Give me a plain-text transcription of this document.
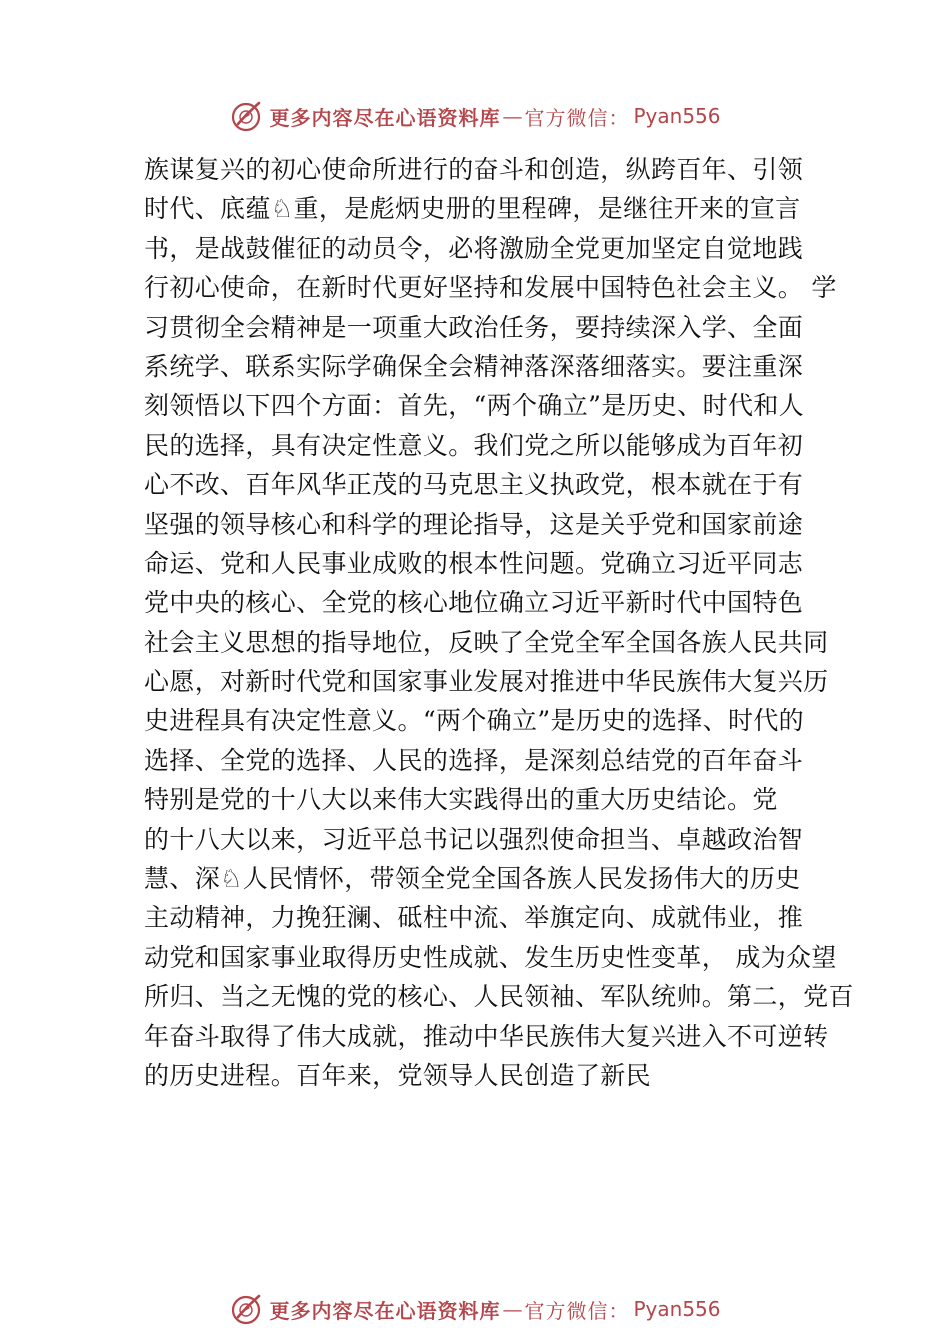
更多内容尽在心语资料库 — 官方微信： Pyan556
族谋复兴的初心使命所进行的奋斗和创造，纵跨百年、引领
时代、底蕴♘重，是彪炳史册的里程碑，是继往开来的宣言
书，是战鼓催征的动员令，必将激励全党更加坚定自觉地践
行初心使命，在新时代更好坚持和发展中国特色社会主义。 学
习贯彻全会精神是一项重大政治任务，要持续深入学、全面
系统学、联系实际学确保全会精神落深落细落实。要注重深
刻领悟以下四个方面：首先，“两个确立”是历史、时代和人
民的选择，具有决定性意义。我们党之所以能够成为百年初
心不改、百年风华正茂的马克思主义执政党，根本就在于有
坚强的领导核心和科学的理论指导，这是关乎党和国家前途
命运、党和人民事业成败的根本性问题。党确立习近平同志
党中央的核心、全党的核心地位确立习近平新时代中国特色
社会主义思想的指导地位，反映了全党全军全国各族人民共同
心愿，对新时代党和国家事业发展对推进中华民族伟大复兴历
史进程具有决定性意义。“两个确立”是历史的选择、时代的
选择、全党的选择、人民的选择，是深刻总结党的百年奋斗
特别是党的十八大以来伟大实践得出的重大历史结论。党
的十八大以来，习近平总书记以强烈使命担当、卓越政治智
慧、深♘人民情怀，带领全党全国各族人民发扬伟大的历史
主动精神，力挽狂澜、砥柱中流、举旗定向、成就伟业，推
动党和国家事业取得历史性成就、发生历史性变革， 成为众望
所归、当之无愧的党的核心、人民领袖、军队统帅。第二，党百
年奋斗取得了伟大成就，推动中华民族伟大复兴进入不可逆转
的历史进程。百年来，党领导人民创造了新民
更多内容尽在心语资料库 — 官方微信： Pyan556
